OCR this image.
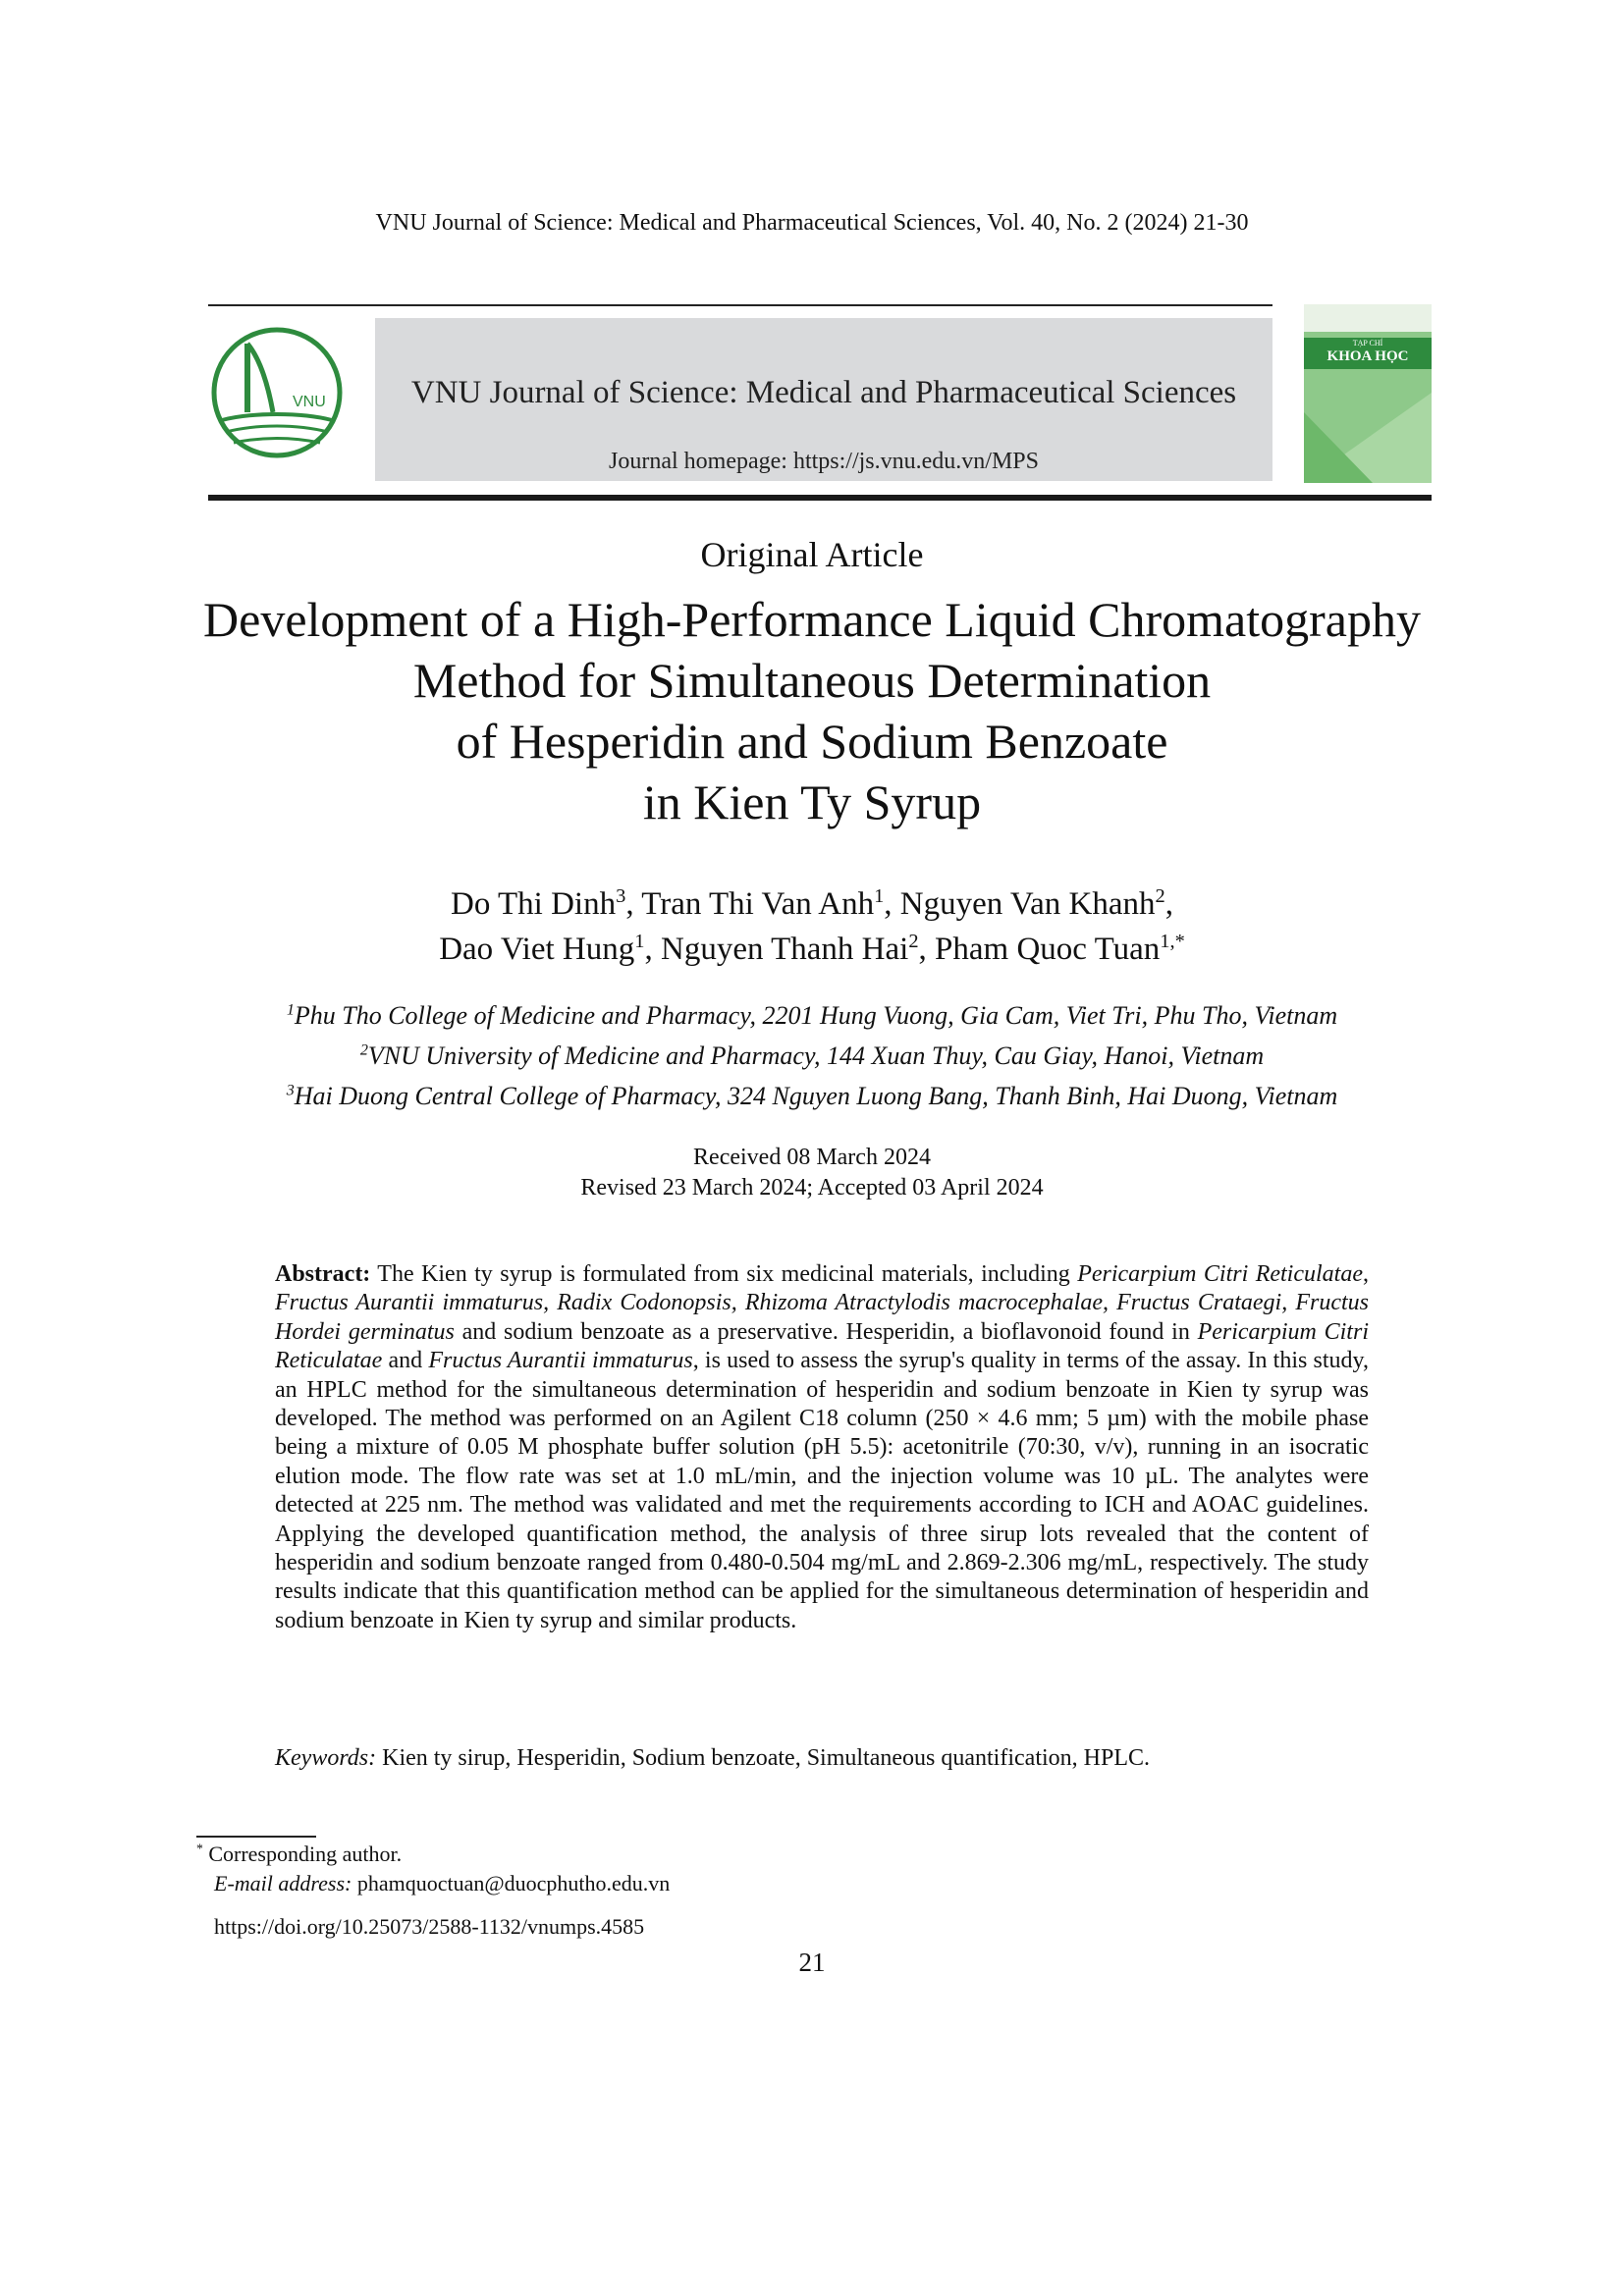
VNU Journal of Science: Medical and Pharmaceutical Sciences, Vol. 40, No. 2 (2024) 21-30
VNU	VNU Journal of Science: Medical and Pharmaceutical Sciences
Journal homepage: https://js.vnu.edu.vn/MPS
TẠP CHÍ
KHOA HỌC
Original Article
Development of a High-Performance Liquid Chromatography
Method for Simultaneous Determination
of Hesperidin and Sodium Benzoate
in Kien Ty Syrup
Do Thi Dinh$^3$, Tran Thi Van Anh$^1$, Nguyen Van Khanh$^2$,
Dao Viet Hung$^1$, Nguyen Thanh Hai$^2$, Pham Quoc Tuan$^{1,*}$
$^1$Phu Tho College of Medicine and Pharmacy, 2201 Hung Vuong, Gia Cam, Viet Tri, Phu Tho, Vietnam
$^2$VNU University of Medicine and Pharmacy, 144 Xuan Thuy, Cau Giay, Hanoi, Vietnam
$^3$Hai Duong Central College of Pharmacy, 324 Nguyen Luong Bang, Thanh Binh, Hai Duong, Vietnam
Received 08 March 2024
Revised 23 March 2024; Accepted 03 April 2024
Abstract: The Kien ty syrup is formulated from six medicinal materials, including Pericarpium Citri Reticulatae, Fructus Aurantii immaturus, Radix Codonopsis, Rhizoma Atractylodis macrocephalae, Fructus Crataegi, Fructus Hordei germinatus and sodium benzoate as a preservative. Hesperidin, a bioflavonoid found in Pericarpium Citri Reticulatae and Fructus Aurantii immaturus, is used to assess the syrup's quality in terms of the assay. In this study, an HPLC method for the simultaneous determination of hesperidin and sodium benzoate in Kien ty syrup was developed. The method was performed on an Agilent C18 column (250 × 4.6 mm; 5 µm) with the mobile phase being a mixture of 0.05 M phosphate buffer solution (pH 5.5): acetonitrile (70:30, v/v), running in an isocratic elution mode. The flow rate was set at 1.0 mL/min, and the injection volume was 10 µL. The analytes were detected at 225 nm. The method was validated and met the requirements according to ICH and AOAC guidelines. Applying the developed quantification method, the analysis of three sirup lots revealed that the content of hesperidin and sodium benzoate ranged from 0.480-0.504 mg/mL and 2.869-2.306 mg/mL, respectively. The study results indicate that this quantification method can be applied for the simultaneous determination of hesperidin and sodium benzoate in Kien ty syrup and similar products.
Keywords: Kien ty sirup, Hesperidin, Sodium benzoate, Simultaneous quantification, HPLC.
* Corresponding author.
E-mail address: phamquoctuan@duocphutho.edu.vn
https://doi.org/10.25073/2588-1132/vnumps.4585
21
